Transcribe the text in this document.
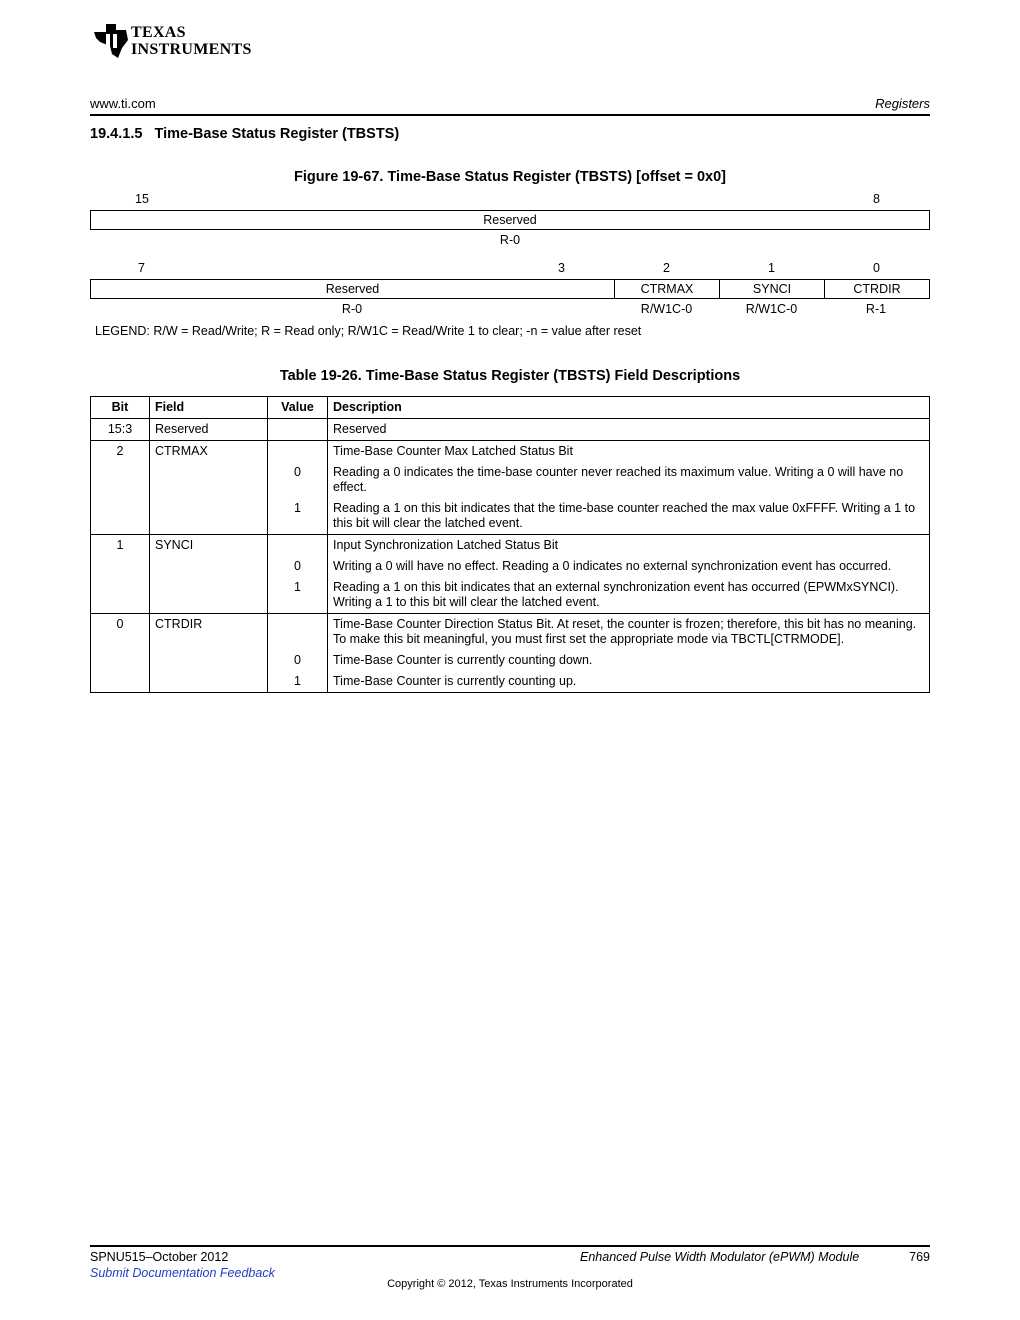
TEXAS
INSTRUMENTS
www.ti.com	Registers
19.4.1.5   Time-Base Status Register (TBSTS)
Figure 19-67. Time-Base Status Register (TBSTS) [offset = 0x0]
15	8
Reserved
R-0
7	3	2	1	0
Reserved	CTRMAX	SYNCI	CTRDIR
R-0	R/W1C-0	R/W1C-0	R-1
LEGEND: R/W = Read/Write; R = Read only; R/W1C = Read/Write 1 to clear; -n = value after reset
Table 19-26. Time-Base Status Register (TBSTS) Field Descriptions
Bit	Field	Value	Description
15:3	Reserved		Reserved
2	CTRMAX		Time-Base Counter Max Latched Status Bit
		0	Reading a 0 indicates the time-base counter never reached its maximum value. Writing a 0 will have no effect.
		1	Reading a 1 on this bit indicates that the time-base counter reached the max value 0xFFFF. Writing a 1 to this bit will clear the latched event.
1	SYNCI		Input Synchronization Latched Status Bit
		0	Writing a 0 will have no effect. Reading a 0 indicates no external synchronization event has occurred.
		1	Reading a 1 on this bit indicates that an external synchronization event has occurred (EPWMxSYNCI). Writing a 1 to this bit will clear the latched event.
0	CTRDIR		Time-Base Counter Direction Status Bit. At reset, the counter is frozen; therefore, this bit has no meaning. To make this bit meaningful, you must first set the appropriate mode via TBCTL[CTRMODE].
		0	Time-Base Counter is currently counting down.
		1	Time-Base Counter is currently counting up.
SPNU515–October 2012
Submit Documentation Feedback
Enhanced Pulse Width Modulator (ePWM) Module	769
Copyright © 2012, Texas Instruments Incorporated
